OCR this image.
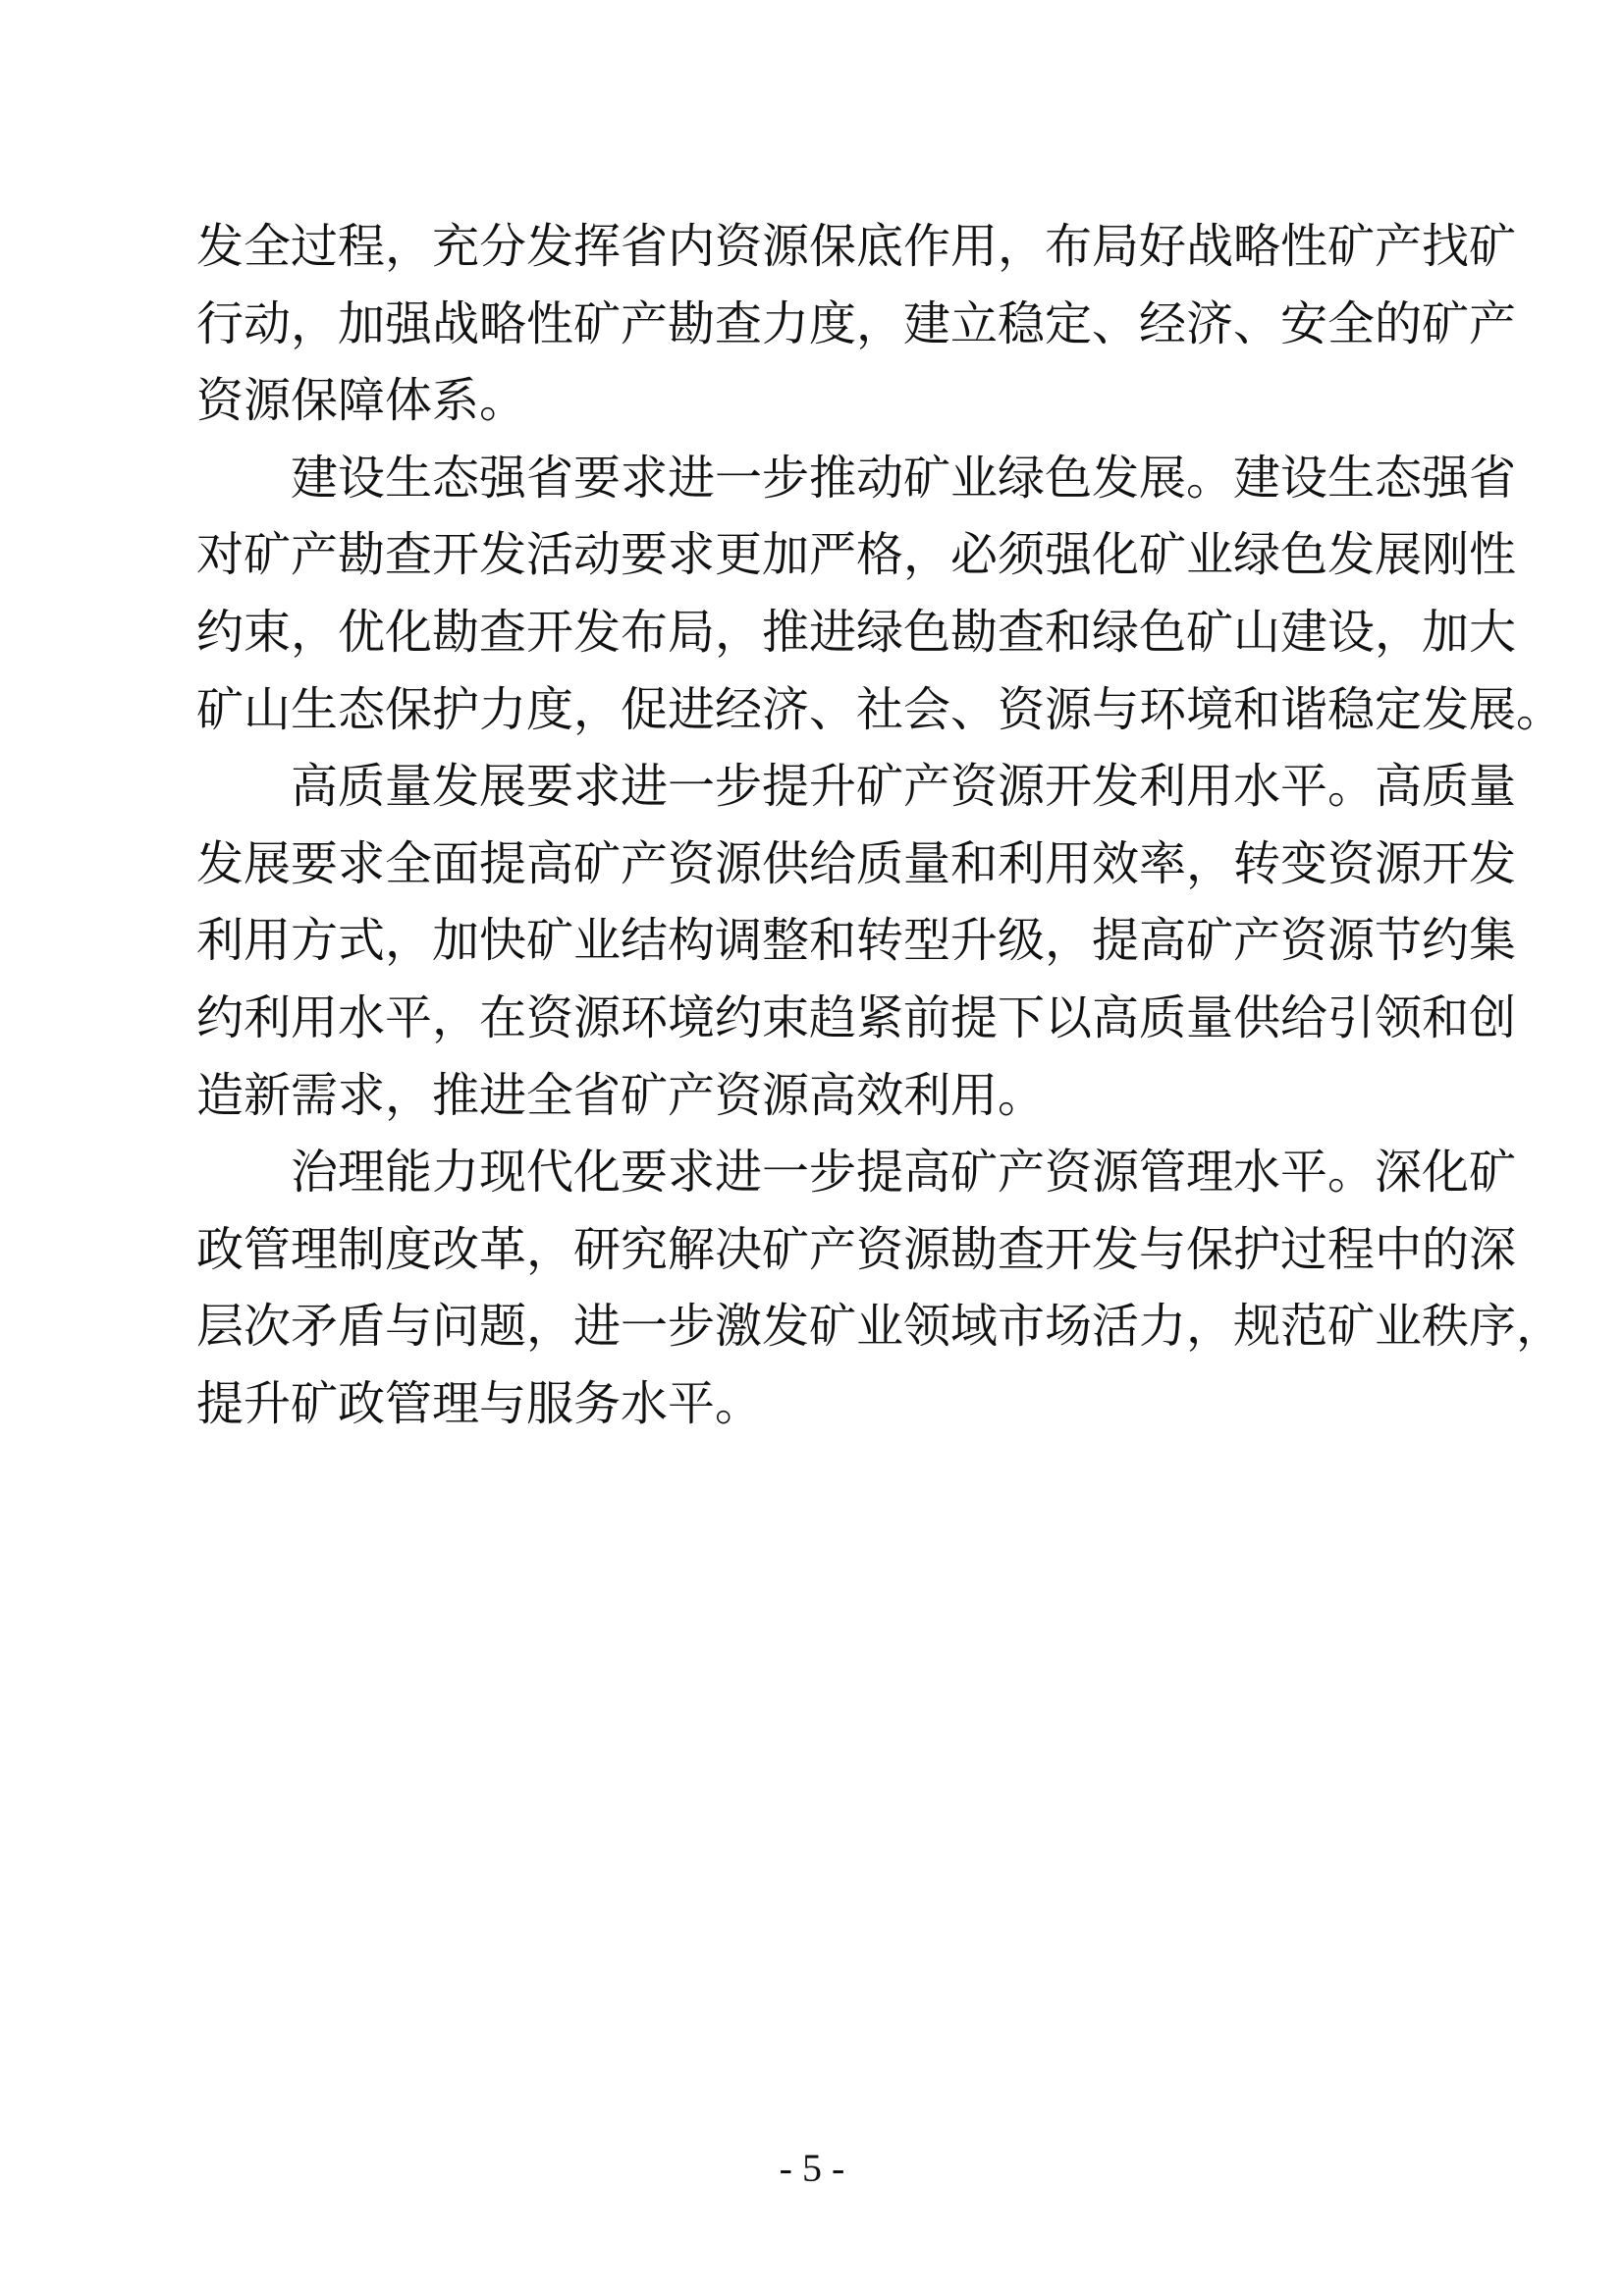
发全过程，充分发挥省内资源保底作用，布局好战略性矿产找矿
行动，加强战略性矿产勘查力度，建立稳定、经济、安全的矿产
资源保障体系。
建设生态强省要求进一步推动矿业绿色发展。建设生态强省
对矿产勘查开发活动要求更加严格，必须强化矿业绿色发展刚性
约束，优化勘查开发布局，推进绿色勘查和绿色矿山建设，加大
矿山生态保护力度，促进经济、社会、资源与环境和谐稳定发展。
高质量发展要求进一步提升矿产资源开发利用水平。高质量
发展要求全面提高矿产资源供给质量和利用效率，转变资源开发
利用方式，加快矿业结构调整和转型升级，提高矿产资源节约集
约利用水平，在资源环境约束趋紧前提下以高质量供给引领和创
造新需求，推进全省矿产资源高效利用。
治理能力现代化要求进一步提高矿产资源管理水平。深化矿
政管理制度改革，研究解决矿产资源勘查开发与保护过程中的深
层次矛盾与问题，进一步激发矿业领域市场活力，规范矿业秩序，
提升矿政管理与服务水平。
- 5 -
